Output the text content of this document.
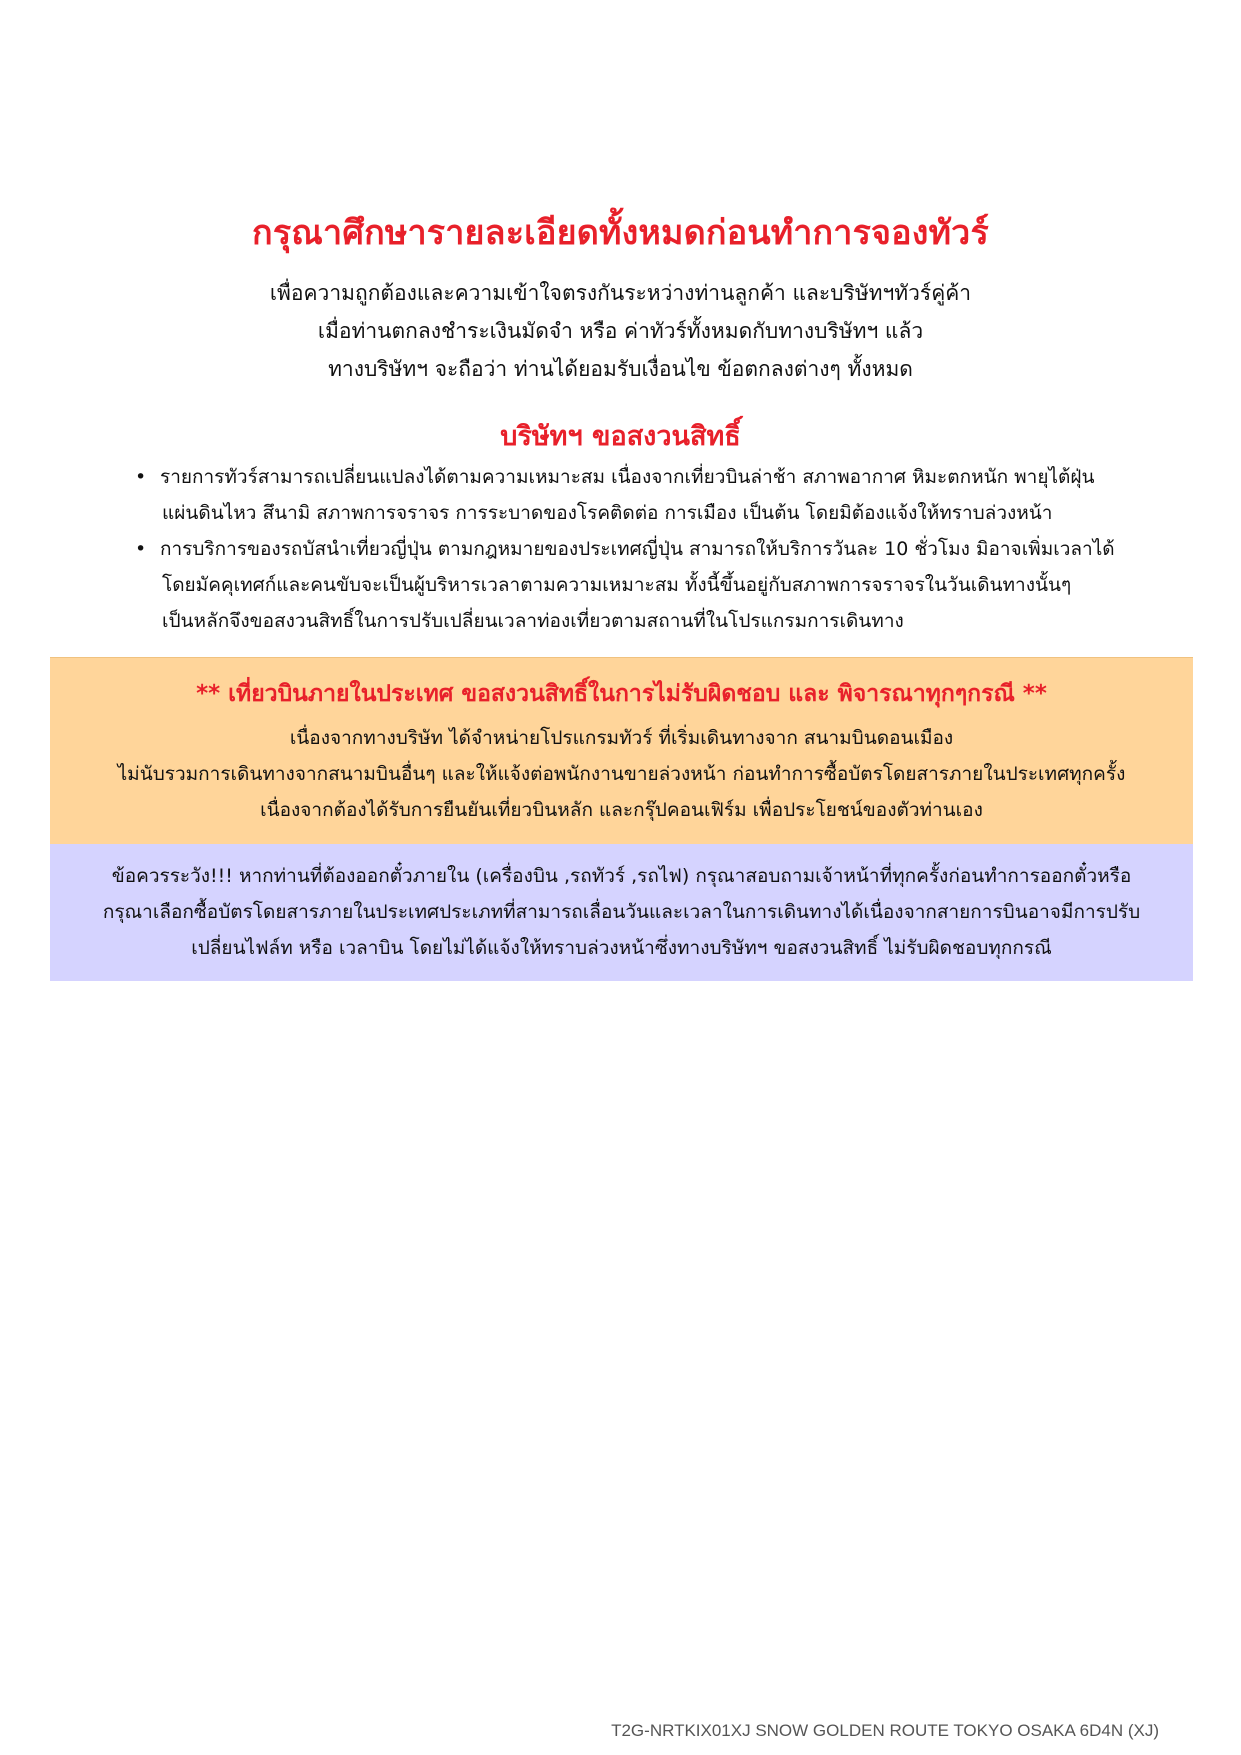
กรุณาศึกษารายละเอียดทั้งหมดก่อนทำการจองทัวร์
เพื่อความถูกต้องและความเข้าใจตรงกันระหว่างท่านลูกค้า และบริษัทฯทัวร์คู่ค้า
เมื่อท่านตกลงชำระเงินมัดจำ หรือ ค่าทัวร์ทั้งหมดกับทางบริษัทฯ แล้ว
ทางบริษัทฯ จะถือว่า ท่านได้ยอมรับเงื่อนไข ข้อตกลงต่างๆ ทั้งหมด
บริษัทฯ ขอสงวนสิทธิ์
• รายการทัวร์สามารถเปลี่ยนแปลงได้ตามความเหมาะสม เนื่องจากเที่ยวบินล่าช้า สภาพอากาศ หิมะตกหนัก พายุไต้ฝุ่น
แผ่นดินไหว สึนามิ สภาพการจราจร การระบาดของโรคติดต่อ การเมือง เป็นต้น โดยมิต้องแจ้งให้ทราบล่วงหน้า
• การบริการของรถบัสนำเที่ยวญี่ปุ่น ตามกฎหมายของประเทศญี่ปุ่น สามารถให้บริการวันละ 10 ชั่วโมง มิอาจเพิ่มเวลาได้
โดยมัคคุเทศก์และคนขับจะเป็นผู้บริหารเวลาตามความเหมาะสม ทั้งนี้ขึ้นอยู่กับสภาพการจราจรในวันเดินทางนั้นๆ
เป็นหลักจึงขอสงวนสิทธิ์ในการปรับเปลี่ยนเวลาท่องเที่ยวตามสถานที่ในโปรแกรมการเดินทาง
** เที่ยวบินภายในประเทศ ขอสงวนสิทธิ์ในการไม่รับผิดชอบ และ พิจารณาทุกๆกรณี **
เนื่องจากทางบริษัท ได้จำหน่ายโปรแกรมทัวร์ ที่เริ่มเดินทางจาก สนามบินดอนเมือง
ไม่นับรวมการเดินทางจากสนามบินอื่นๆ และให้แจ้งต่อพนักงานขายล่วงหน้า ก่อนทำการซื้อบัตรโดยสารภายในประเทศทุกครั้ง
เนื่องจากต้องได้รับการยืนยันเที่ยวบินหลัก และกรุ๊ปคอนเฟิร์ม เพื่อประโยชน์ของตัวท่านเอง
ข้อควรระวัง!!! หากท่านที่ต้องออกตั๋วภายใน (เครื่องบิน ,รถทัวร์ ,รถไฟ) กรุณาสอบถามเจ้าหน้าที่ทุกครั้งก่อนทำการออกตั๋วหรือ
กรุณาเลือกซื้อบัตรโดยสารภายในประเทศประเภทที่สามารถเลื่อนวันและเวลาในการเดินทางได้เนื่องจากสายการบินอาจมีการปรับ
เปลี่ยนไฟล์ท หรือ เวลาบิน โดยไม่ได้แจ้งให้ทราบล่วงหน้าซึ่งทางบริษัทฯ ขอสงวนสิทธิ์ ไม่รับผิดชอบทุกกรณี
T2G-NRTKIX01XJ SNOW GOLDEN ROUTE TOKYO OSAKA 6D4N (XJ)
